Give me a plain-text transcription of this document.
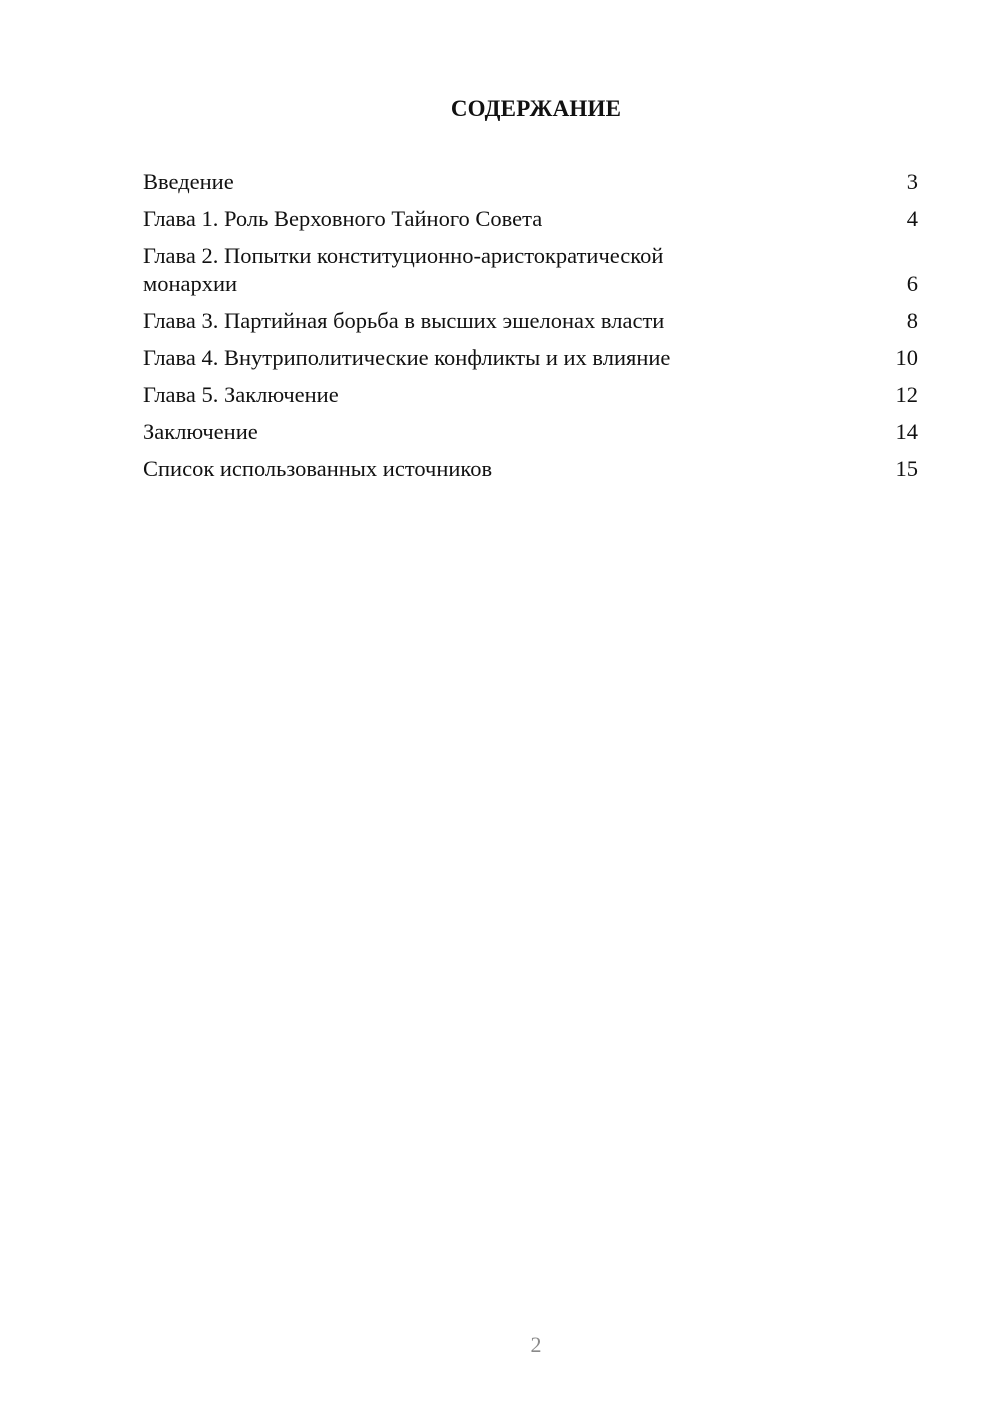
СОДЕРЖАНИЕ
Введение	3
Глава 1. Роль Верховного Тайного Совета	4
Глава 2. Попытки конституционно-аристократической монархии	6
Глава 3. Партийная борьба в высших эшелонах власти	8
Глава 4. Внутриполитические конфликты и их влияние	10
Глава 5. Заключение	12
Заключение	14
Список использованных источников	15
2
